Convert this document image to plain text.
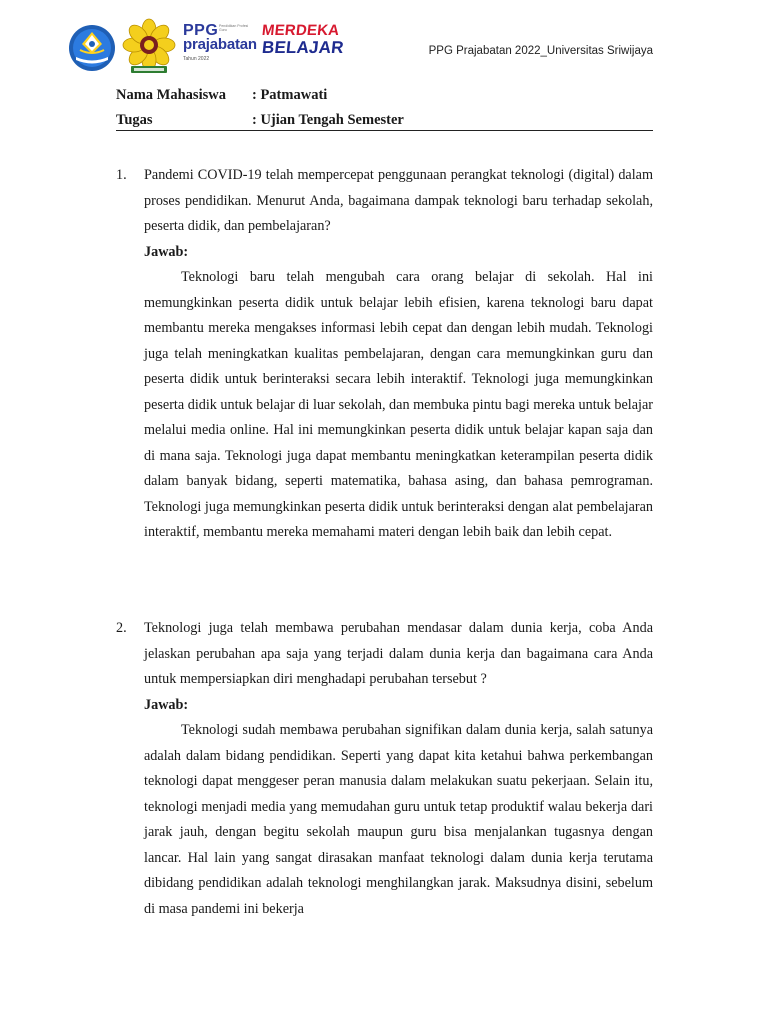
PPG Pendidikan Profesi Guru
prajabatan
Tahun 2022
MERDEKA
BELAJAR	PPG Prajabatan 2022_Universitas Sriwijaya
Nama Mahasiswa : Patmawati
Tugas	: Ujian Tengah Semester
1. Pandemi COVID-19 telah mempercepat penggunaan perangkat teknologi (digital) dalam proses pendidikan. Menurut Anda, bagaimana dampak teknologi baru terhadap sekolah, peserta didik, dan pembelajaran?
Jawab:
Teknologi baru telah mengubah cara orang belajar di sekolah. Hal ini memungkinkan peserta didik untuk belajar lebih efisien, karena teknologi baru dapat membantu mereka mengakses informasi lebih cepat dan dengan lebih mudah. Teknologi juga telah meningkatkan kualitas pembelajaran, dengan cara memungkinkan guru dan peserta didik untuk berinteraksi secara lebih interaktif. Teknologi juga memungkinkan peserta didik untuk belajar di luar sekolah, dan membuka pintu bagi mereka untuk belajar melalui media online. Hal ini memungkinkan peserta didik untuk belajar kapan saja dan di mana saja. Teknologi juga dapat membantu meningkatkan keterampilan peserta didik dalam banyak bidang, seperti matematika, bahasa asing, dan bahasa pemrograman. Teknologi juga memungkinkan peserta didik untuk berinteraksi dengan alat pembelajaran interaktif, membantu mereka memahami materi dengan lebih baik dan lebih cepat.
2. Teknologi juga telah membawa perubahan mendasar dalam dunia kerja, coba Anda jelaskan perubahan apa saja yang terjadi dalam dunia kerja dan bagaimana cara Anda untuk mempersiapkan diri menghadapi perubahan tersebut ?
Jawab:
Teknologi sudah membawa perubahan signifikan dalam dunia kerja, salah satunya adalah dalam bidang pendidikan. Seperti yang dapat kita ketahui bahwa perkembangan teknologi dapat menggeser peran manusia dalam melakukan suatu pekerjaan. Selain itu, teknologi menjadi media yang memudahan guru untuk tetap produktif walau bekerja dari jarak jauh, dengan begitu sekolah maupun guru bisa menjalankan tugasnya dengan lancar. Hal lain yang sangat dirasakan manfaat teknologi dalam dunia kerja terutama dibidang pendidikan adalah teknologi menghilangkan jarak. Maksudnya disini, sebelum di masa pandemi ini bekerja
